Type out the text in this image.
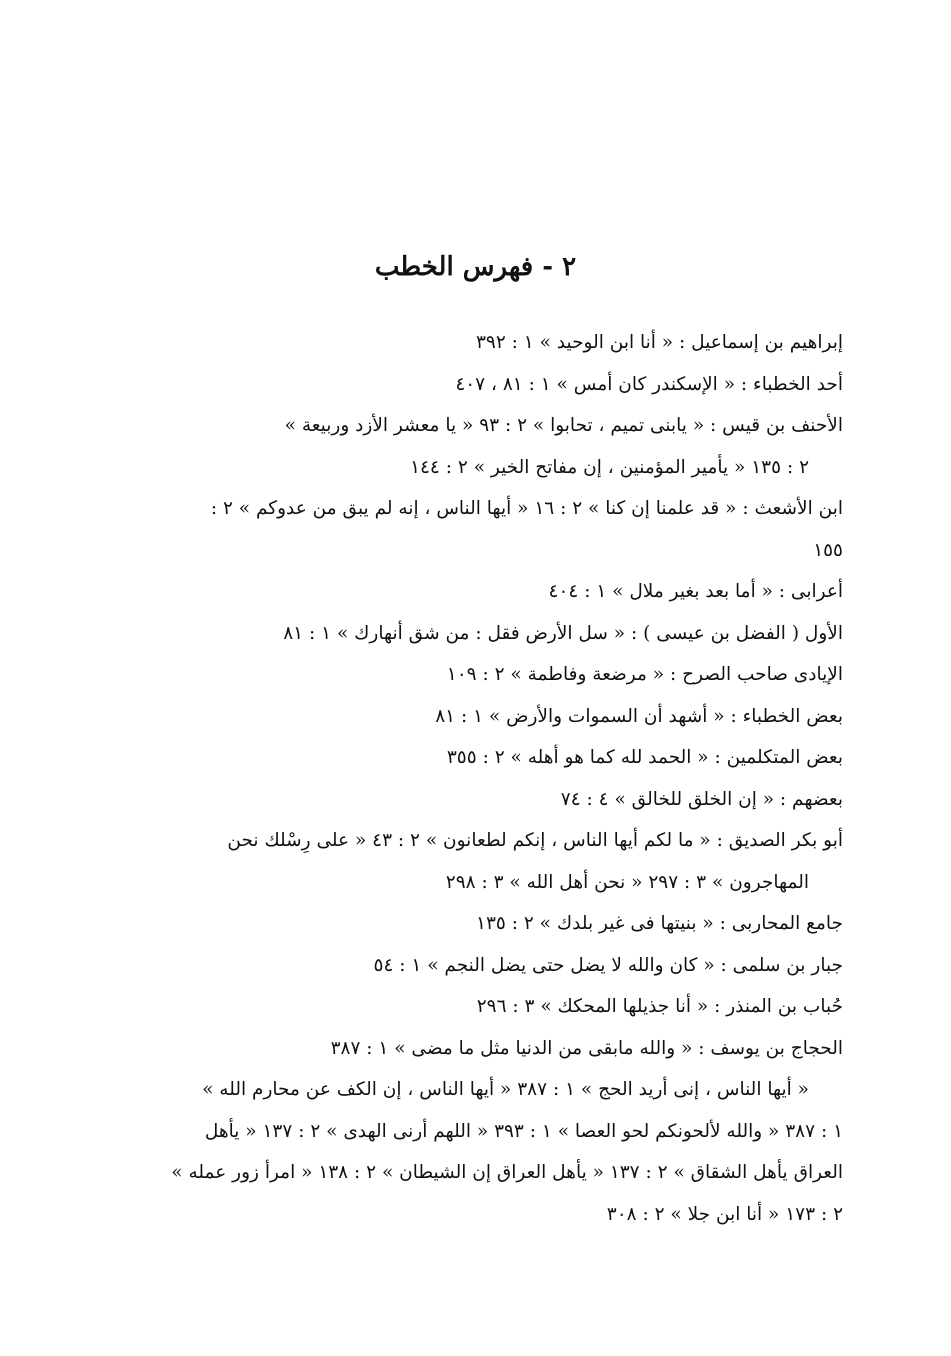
٢ - فهرس الخطب
إبراهيم بن إسماعيل : « أنا ابن الوحيد » ١ : ٣٩٢
أحد الخطباء : « الإسكندر كان أمس » ١ : ٨١ ، ٤٠٧
الأحنف بن قيس : « يابنى تميم ، تحابوا » ٢ : ٩٣ « يا معشر الأزد وربيعة »
٢ : ١٣٥ « يأمير المؤمنين ، إن مفاتح الخير » ٢ : ١٤٤
ابن الأشعث : « قد علمنا إن كنا » ٢ : ١٦ « أيها الناس ، إنه لم يبق من عدوكم » ٢ :
١٥٥
أعرابى : « أما بعد بغير ملال » ١ : ٤٠٤
الأول ( الفضل بن عيسى ) : « سل الأرض فقل : من شق أنهارك » ١ : ٨١
الإيادى صاحب الصرح : « مرضعة وفاطمة » ٢ : ١٠٩
بعض الخطباء : « أشهد أن السموات والأرض » ١ : ٨١
بعض المتكلمين : « الحمد لله كما هو أهله » ٢ : ٣٥٥
بعضهم : « إن الخلق للخالق » ٤ : ٧٤
أبو بكر الصديق : « ما لكم أيها الناس ، إنكم لطعانون » ٢ : ٤٣ « على رِسْلك نحن
المهاجرون » ٣ : ٢٩٧ « نحن أهل الله » ٣ : ٢٩٨
جامع المحاربى : « بنيتها فى غير بلدك » ٢ : ١٣٥
جبار بن سلمى : « كان والله لا يضل حتى يضل النجم » ١ : ٥٤
حُباب بن المنذر : « أنا جذيلها المحكك » ٣ : ٢٩٦
الحجاج بن يوسف : « والله مابقى من الدنيا مثل ما مضى » ١ : ٣٨٧
« أيها الناس ، إنى أريد الحج » ١ : ٣٨٧ « أيها الناس ، إن الكف عن محارم الله »
١ : ٣٨٧ « والله لألحونكم لحو العصا » ١ : ٣٩٣ « اللهم أرنى الهدى » ٢ : ١٣٧ « يأهل
العراق يأهل الشقاق » ٢ : ١٣٧ « يأهل العراق إن الشيطان » ٢ : ١٣٨ « امرأ زور عمله »
٢ : ١٧٣ « أنا ابن جلا » ٢ : ٣٠٨
